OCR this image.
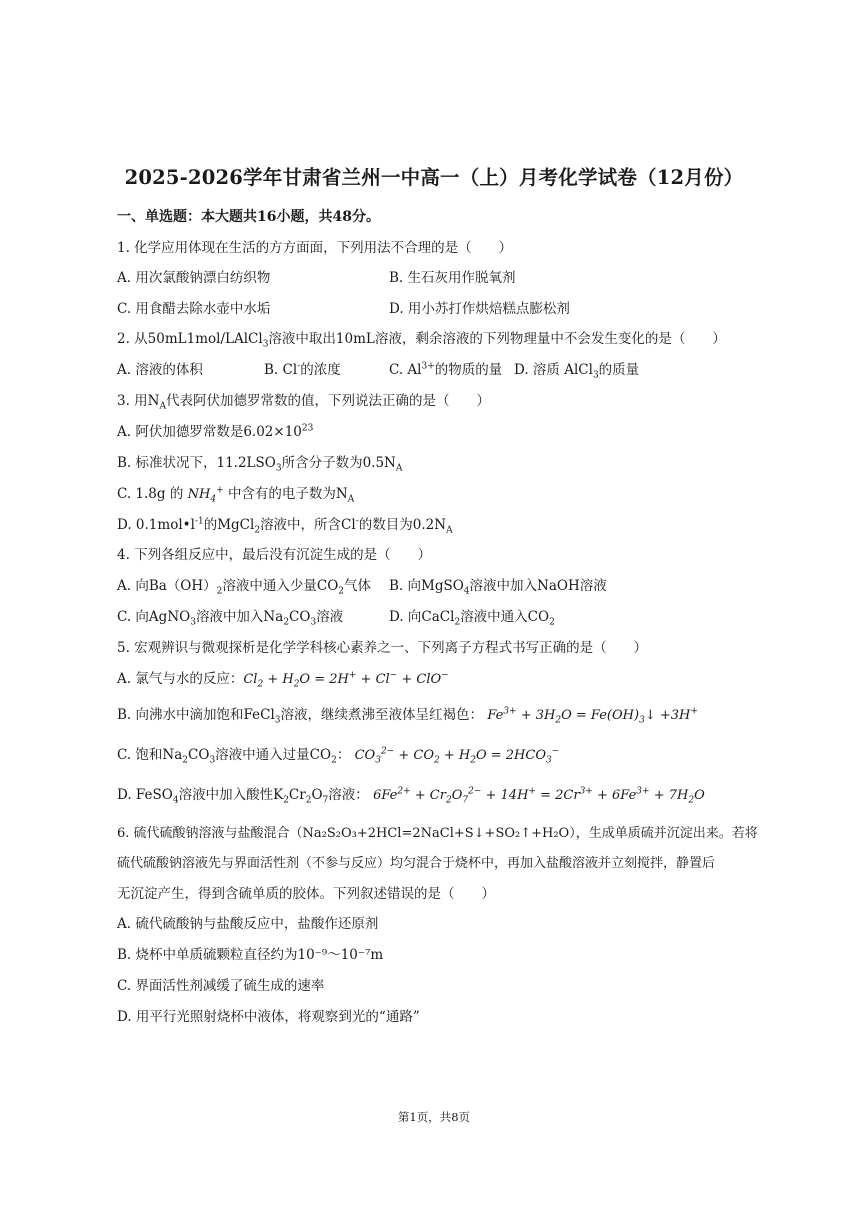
2025-2026学年甘肃省兰州一中高一（上）月考化学试卷（12月份）
一、单选题：本大题共16小题，共48分。
1. 化学应用体现在生活的方方面面，下列用法不合理的是（　　）
A. 用次氯酸钠漂白纺织物	B. 生石灰用作脱氧剂
C. 用食醋去除水壶中水垢	D. 用小苏打作烘焙糕点膨松剂
2. 从50mL1mol/LAlCl$_3$溶液中取出10mL溶液，剩余溶液的下列物理量中不会发生变化的是（　　）
A. 溶液的体积	B. Cl-的浓度	C. $Al^{3+}$的物质的量 D. 溶质 AlCl$_3$的质量
3. 用$N_A$代表阿伏加德罗常数的值，下列说法正确的是（　　）
A. 阿伏加德罗常数是$6.02\times 10^{23}$
B. 标准状况下，$11.2LSO_3$所含分子数为$0.5N_A$
C. 1.8g 的 $NH_4^+$ 中含有的电子数为$N_A$
D. $0.1mol•l^{-1}$的MgCl$_2$溶液中，所含Cl-的数目为$0.2N_A$
4. 下列各组反应中，最后没有沉淀生成的是（　　）
A. 向$Ba(OH)_2$溶液中通入少量$CO_2$气体 B. 向MgSO$_4$溶液中加入NaOH溶液
C. 向AgNO$_3$溶液中加入$Na_2CO_3$溶液	D. 向CaCl$_2$溶液中通入$CO_2$
5. 宏观辨识与微观探析是化学学科核心素养之一、下列离子方程式书写正确的是（　　）
A. 氯气与水的反应：$Cl_2 + H_2O = 2H^+ + Cl^- + ClO^-$
B. 向沸水中滴加饱和FeCl$_3$溶液，继续煮沸至液体呈红褐色： $Fe^{3+} + 3H_2O$ = $Fe(OH)_3↓ +3H^+$
C. 饱和$Na_2CO_3$溶液中通入过量$CO_2$： $CO_3^{2-} + CO_2 + H_2O = 2HCO_3^-$
D. FeSO$_4$溶液中加入酸性$K_2Cr_2O_7$溶液： $6Fe^{2+} + Cr_2O_7^{2-} + 14H^+ = 2Cr^{3+} + 6Fe^{3+} + 7H_2O$
6. 硫代硫酸钠溶液与盐酸混合（Na₂S₂O₃+2HCl=2NaCl+S↓+SO₂↑+H₂O），生成单质硫并沉淀出来。若将
硫代硫酸钠溶液先与界面活性剂（不参与反应）均匀混合于烧杯中，再加入盐酸溶液并立刻搅拌，静置后
无沉淀产生，得到含硫单质的胶体。下列叙述错误的是（　　）
A. 硫代硫酸钠与盐酸反应中，盐酸作还原剂
B. 烧杯中单质硫颗粒直径约为10⁻⁹～10⁻⁷m
C. 界面活性剂减缓了硫生成的速率
D. 用平行光照射烧杯中液体，将观察到光的“通路”
第1页，共8页
